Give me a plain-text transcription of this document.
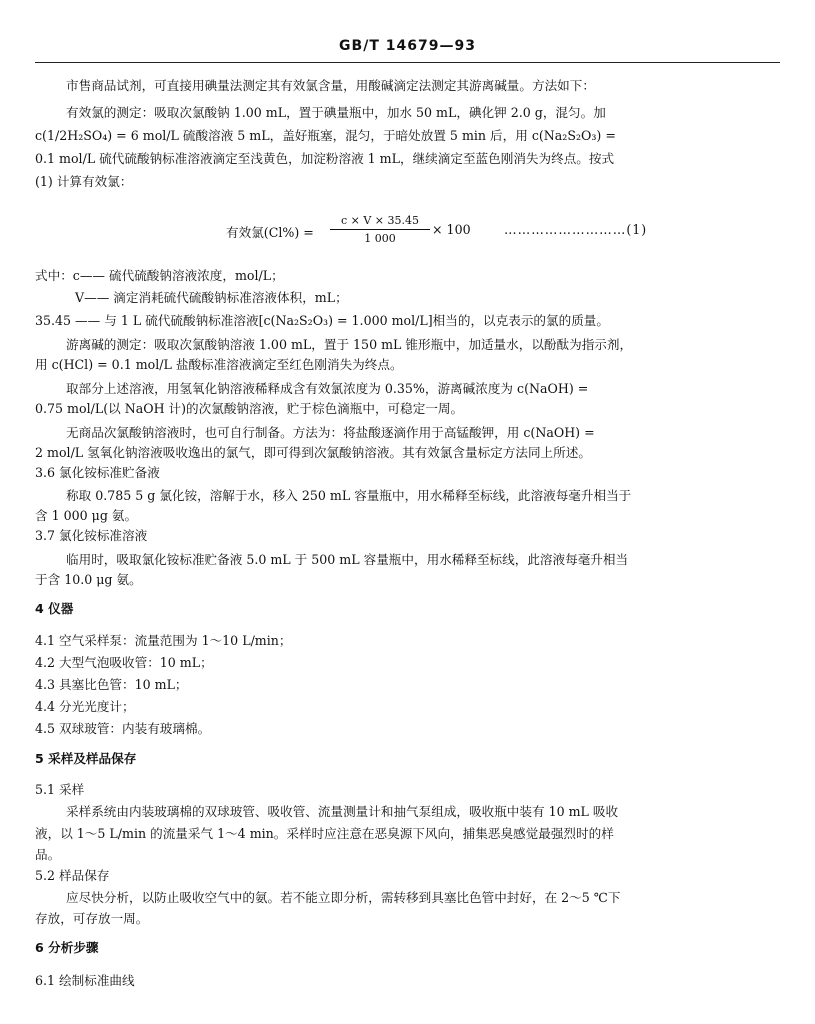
GB/T 14679—93
市售商品试剂，可直接用碘量法测定其有效氯含量，用酸碱滴定法测定其游离碱量。方法如下：
有效氯的测定：吸取次氯酸钠 1.00 mL，置于碘量瓶中，加水 50 mL，碘化钾 2.0 g，混匀。加
c(1/2H₂SO₄) = 6 mol/L 硫酸溶液 5 mL，盖好瓶塞，混匀，于暗处放置 5 min 后，用 c(Na₂S₂O₃) =
0.1 mol/L 硫代硫酸钠标准溶液滴定至浅黄色，加淀粉溶液 1 mL，继续滴定至蓝色刚消失为终点。按式
(1) 计算有效氯：
有效氯$(Cl\%) = \frac{c \times V \times 35.45}{1 000} \times 100$	………………………(1)
式中：c—— 硫代硫酸钠溶液浓度，mol/L；
V—— 滴定消耗硫代硫酸钠标准溶液体积，mL；
35.45 —— 与 1 L 硫代硫酸钠标准溶液[c(Na₂S₂O₃) = 1.000 mol/L]相当的，以克表示的氯的质量。
游离碱的测定：吸取次氯酸钠溶液 1.00 mL，置于 150 mL 锥形瓶中，加适量水，以酚酞为指示剂，
用 c(HCl) = 0.1 mol/L 盐酸标准溶液滴定至红色刚消失为终点。
取部分上述溶液，用氢氧化钠溶液稀释成含有效氯浓度为 0.35%，游离碱浓度为 c(NaOH) =
0.75 mol/L(以 NaOH 计)的次氯酸钠溶液，贮于棕色滴瓶中，可稳定一周。
无商品次氯酸钠溶液时，也可自行制备。方法为：将盐酸逐滴作用于高锰酸钾，用 c(NaOH) =
2 mol/L 氢氧化钠溶液吸收逸出的氯气，即可得到次氯酸钠溶液。其有效氯含量标定方法同上所述。
3.6 氯化铵标准贮备液
称取 0.785 5 g 氯化铵，溶解于水，移入 250 mL 容量瓶中，用水稀释至标线，此溶液每毫升相当于
含 1 000 μg 氨。
3.7 氯化铵标准溶液
临用时，吸取氯化铵标准贮备液 5.0 mL 于 500 mL 容量瓶中，用水稀释至标线，此溶液每毫升相当
于含 10.0 μg 氨。
4 仪器
4.1 空气采样泵：流量范围为 1～10 L/min；
4.2 大型气泡吸收管：10 mL；
4.3 具塞比色管：10 mL；
4.4 分光光度计；
4.5 双球玻管：内装有玻璃棉。
5 采样及样品保存
5.1 采样
采样系统由内装玻璃棉的双球玻管、吸收管、流量测量计和抽气泵组成，吸收瓶中装有 10 mL 吸收
液，以 1～5 L/min 的流量采气 1～4 min。采样时应注意在恶臭源下风向，捕集恶臭感觉最强烈时的样
品。
5.2 样品保存
应尽快分析，以防止吸收空气中的氨。若不能立即分析，需转移到具塞比色管中封好，在 2～5 ℃下
存放，可存放一周。
6 分析步骤
6.1 绘制标准曲线
